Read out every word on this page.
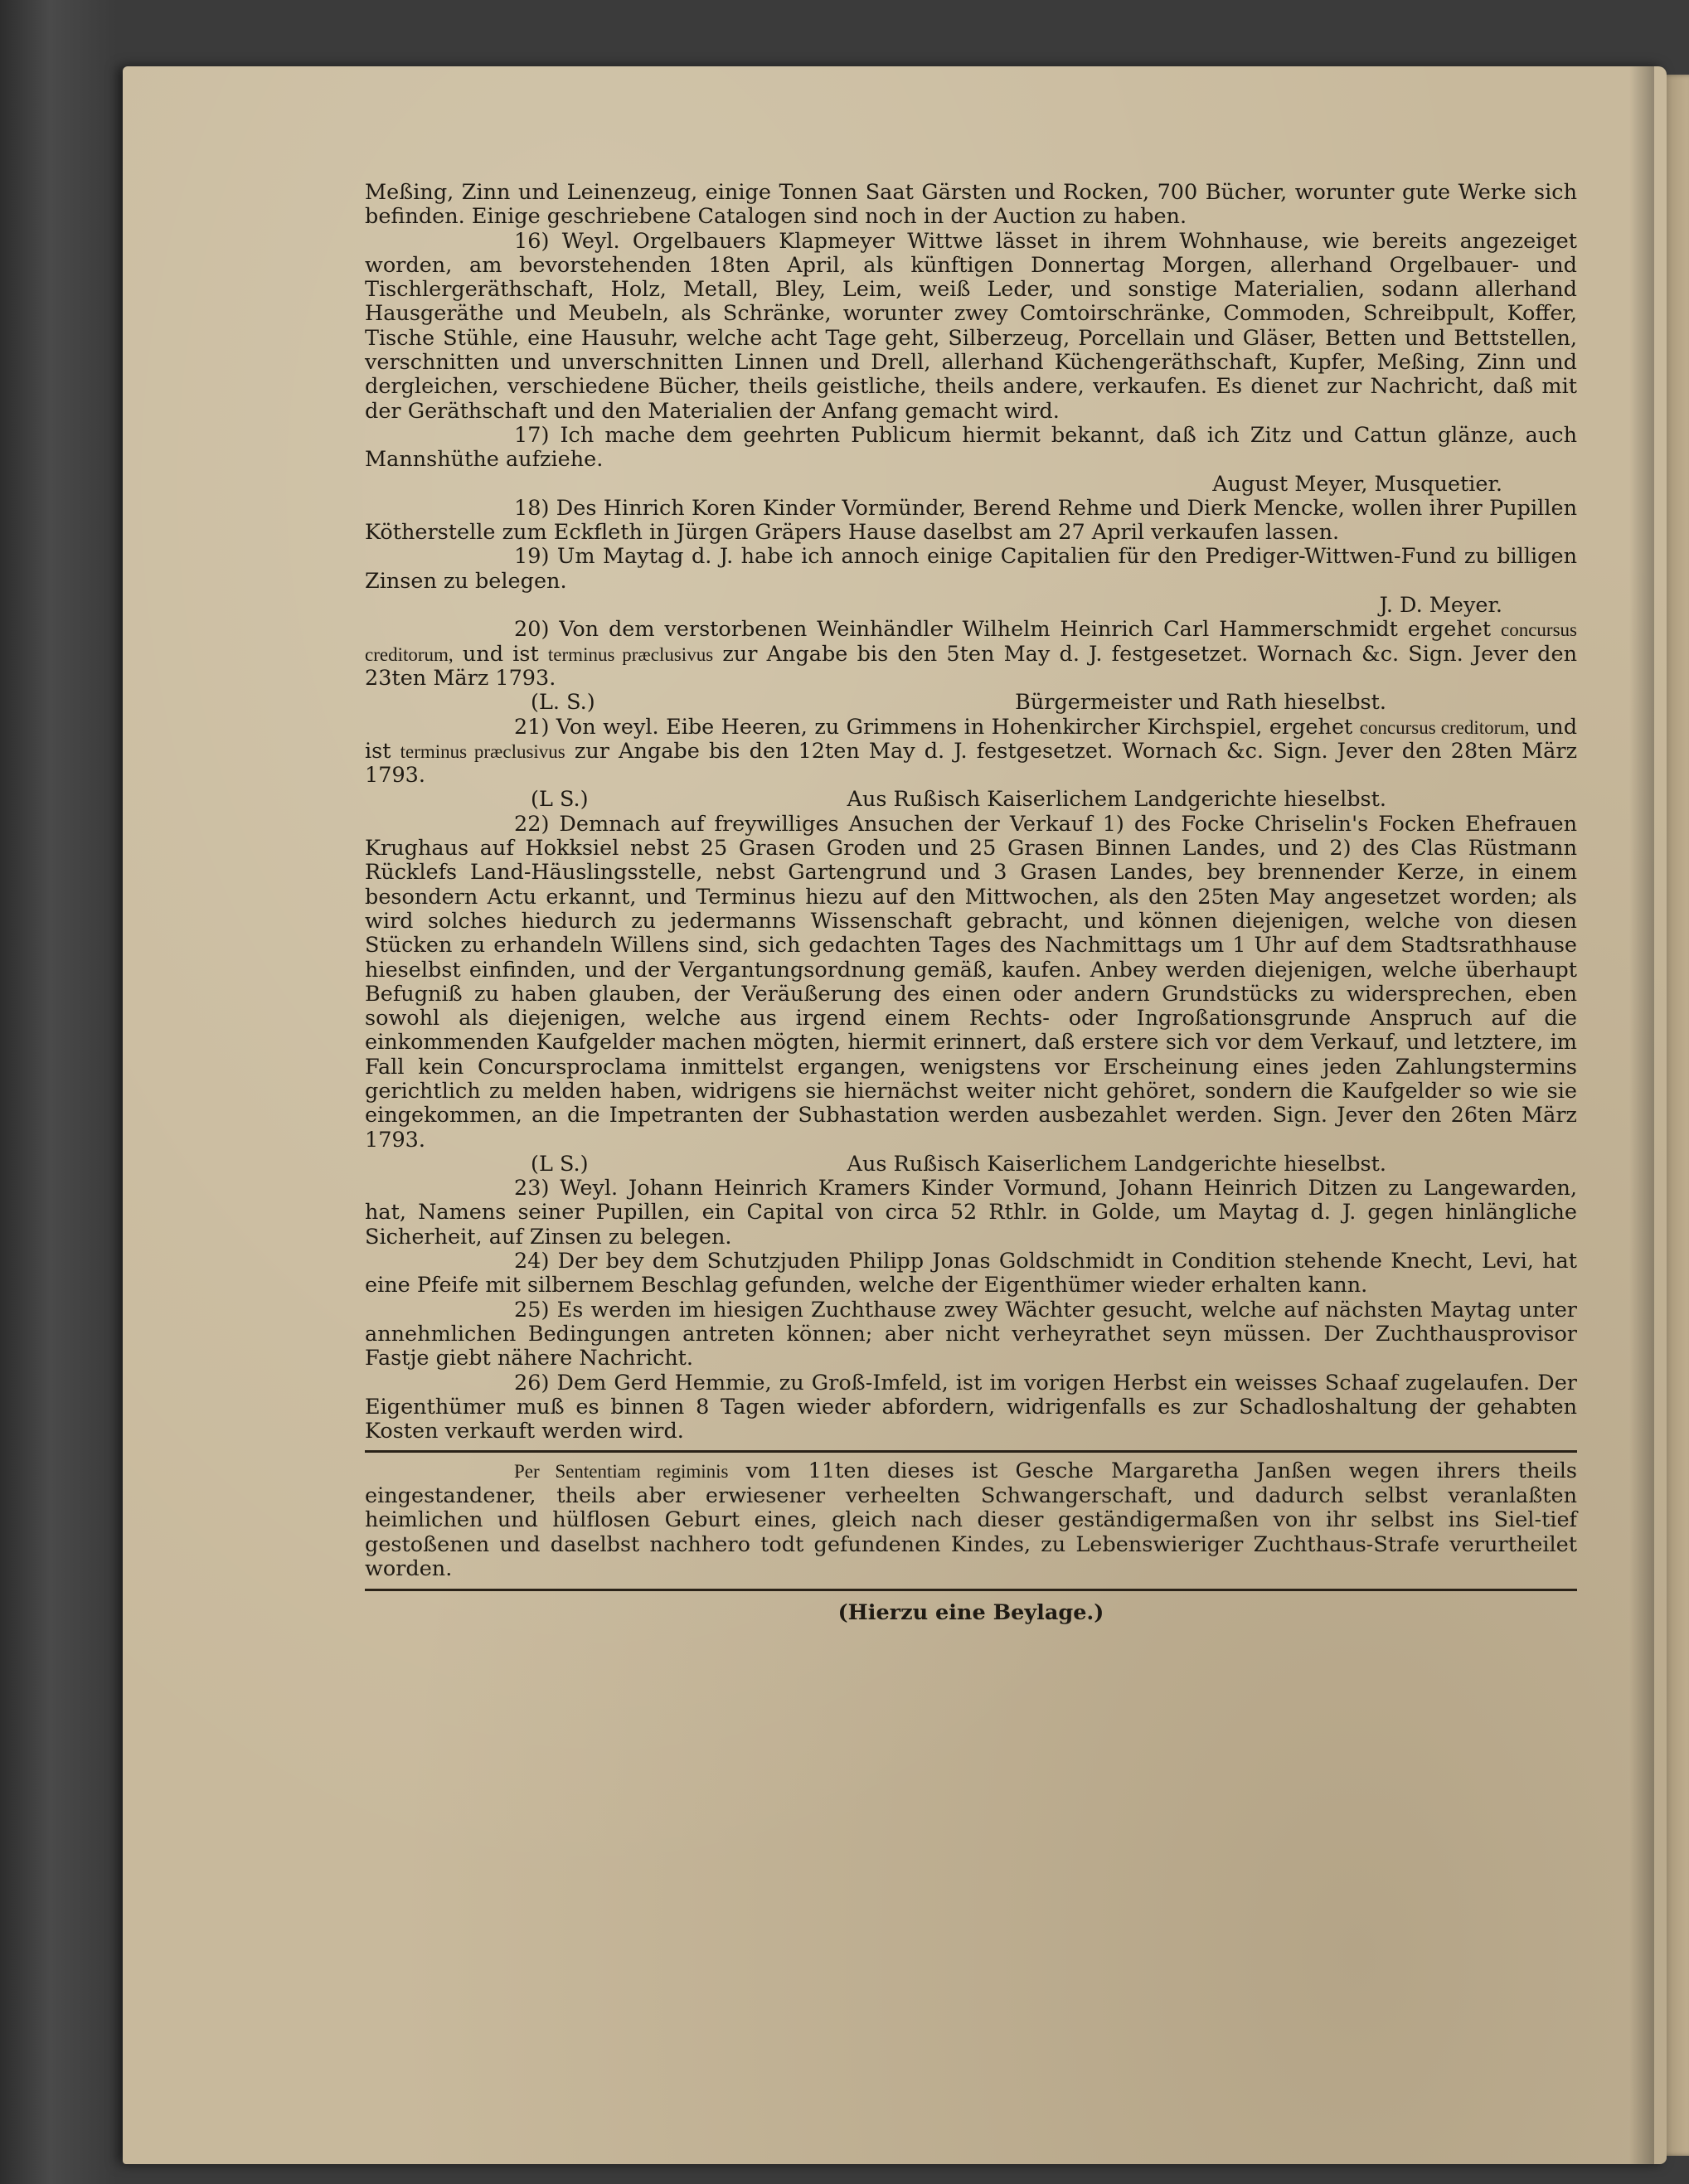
Meßing, Zinn und Leinenzeug, einige Tonnen Saat Gärsten und Rocken, 700 Bücher, worunter gute Werke sich befinden. Einige geschriebene Catalogen sind noch in der Auction zu haben.

16) Weyl. Orgelbauers Klapmeyer Wittwe lässet in ihrem Wohnhause, wie bereits angezeiget worden, am bevorstehenden 18ten April, als künftigen Donnertag Morgen, allerhand Orgelbauer- und Tischlergeräthschaft, Holz, Metall, Bley, Leim, weiß Leder, und sonstige Materialien, sodann allerhand Hausgeräthe und Meubeln, als Schränke, worunter zwey Comtoirschränke, Commoden, Schreibpult, Koffer, Tische Stühle, eine Hausuhr, welche acht Tage geht, Silberzeug, Porcellain und Gläser, Betten und Bettstellen, verschnitten und unverschnitten Linnen und Drell, allerhand Küchengeräthschaft, Kupfer, Meßing, Zinn und dergleichen, verschiedene Bücher, theils geistliche, theils andere, verkaufen. Es dienet zur Nachricht, daß mit der Geräthschaft und den Materialien der Anfang gemacht wird.

17) Ich mache dem geehrten Publicum hiermit bekannt, daß ich Zitz und Cattun glänze, auch Mannshüthe aufziehe.
August Meyer, Musquetier.

18) Des Hinrich Koren Kinder Vormünder, Berend Rehme und Dierk Mencke, wollen ihrer Pupillen Kötherstelle zum Eckfleth in Jürgen Gräpers Hause daselbst am 27 April verkaufen lassen.

19) Um Maytag d. J. habe ich annoch einige Capitalien für den Prediger-Wittwen-Fund zu billigen Zinsen zu belegen.
J. D. Meyer.

20) Von dem verstorbenen Weinhändler Wilhelm Heinrich Carl Hammerschmidt ergehet concursus creditorum, und ist terminus præclusivus zur Angabe bis den 5ten May d. J. festgesetzet. Wornach &c. Sign. Jever den 23ten März 1793.

(L. S.)	Bürgermeister und Rath hieselbst.

21) Von weyl. Eibe Heeren, zu Grimmens in Hohenkircher Kirchspiel, ergehet concursus creditorum, und ist terminus præclusivus zur Angabe bis den 12ten May d. J. festgesetzet. Wornach &c. Sign. Jever den 28ten März 1793.

(L S.)	Aus Rußisch Kaiserlichem Landgerichte hieselbst.

22) Demnach auf freywilliges Ansuchen der Verkauf 1) des Focke Chriselin's Focken Ehefrauen Krughaus auf Hokksiel nebst 25 Grasen Groden und 25 Grasen Binnen Landes, und 2) des Clas Rüstmann Rücklefs Land-Häuslingsstelle, nebst Gartengrund und 3 Grasen Landes, bey brennender Kerze, in einem besondern Actu erkannt, und Terminus hiezu auf den Mittwochen, als den 25ten May angesetzet worden; als wird solches hiedurch zu jedermanns Wissenschaft gebracht, und können diejenigen, welche von diesen Stücken zu erhandeln Willens sind, sich gedachten Tages des Nachmittags um 1 Uhr auf dem Stadtsrathhause hieselbst einfinden, und der Vergantungsordnung gemäß, kaufen. Anbey werden diejenigen, welche überhaupt Befugniß zu haben glauben, der Veräußerung des einen oder andern Grundstücks zu widersprechen, eben sowohl als diejenigen, welche aus irgend einem Rechts- oder Ingroßationsgrunde Anspruch auf die einkommenden Kaufgelder machen mögten, hiermit erinnert, daß erstere sich vor dem Verkauf, und letztere, im Fall kein Concursproclama inmittelst ergangen, wenigstens vor Erscheinung eines jeden Zahlungstermins gerichtlich zu melden haben, widrigens sie hiernächst weiter nicht gehöret, sondern die Kaufgelder so wie sie eingekommen, an die Impetranten der Subhastation werden ausbezahlet werden. Sign. Jever den 26ten März 1793.

(L S.)	Aus Rußisch Kaiserlichem Landgerichte hieselbst.

23) Weyl. Johann Heinrich Kramers Kinder Vormund, Johann Heinrich Ditzen zu Langewarden, hat, Namens seiner Pupillen, ein Capital von circa 52 Rthlr. in Golde, um Maytag d. J. gegen hinlängliche Sicherheit, auf Zinsen zu belegen.

24) Der bey dem Schutzjuden Philipp Jonas Goldschmidt in Condition stehende Knecht, Levi, hat eine Pfeife mit silbernem Beschlag gefunden, welche der Eigenthümer wieder erhalten kann.

25) Es werden im hiesigen Zuchthause zwey Wächter gesucht, welche auf nächsten Maytag unter annehmlichen Bedingungen antreten können; aber nicht verheyrathet seyn müssen. Der Zuchthausprovisor Fastje giebt nähere Nachricht.

26) Dem Gerd Hemmie, zu Groß-Imfeld, ist im vorigen Herbst ein weisses Schaaf zugelaufen. Der Eigenthümer muß es binnen 8 Tagen wieder abfordern, widrigenfalls es zur Schadloshaltung der gehabten Kosten verkauft werden wird.

Per Sententiam regiminis vom 11ten dieses ist Gesche Margaretha Janßen wegen ihrers theils eingestandener, theils aber erwiesener verheelten Schwangerschaft, und dadurch selbst veranlaßten heimlichen und hülflosen Geburt eines, gleich nach dieser geständigermaßen von ihr selbst ins Siel-tief gestoßenen und daselbst nachhero todt gefundenen Kindes, zu Lebenswieriger Zuchthaus-Strafe verurtheilet worden.

(Hierzu eine Beylage.)
